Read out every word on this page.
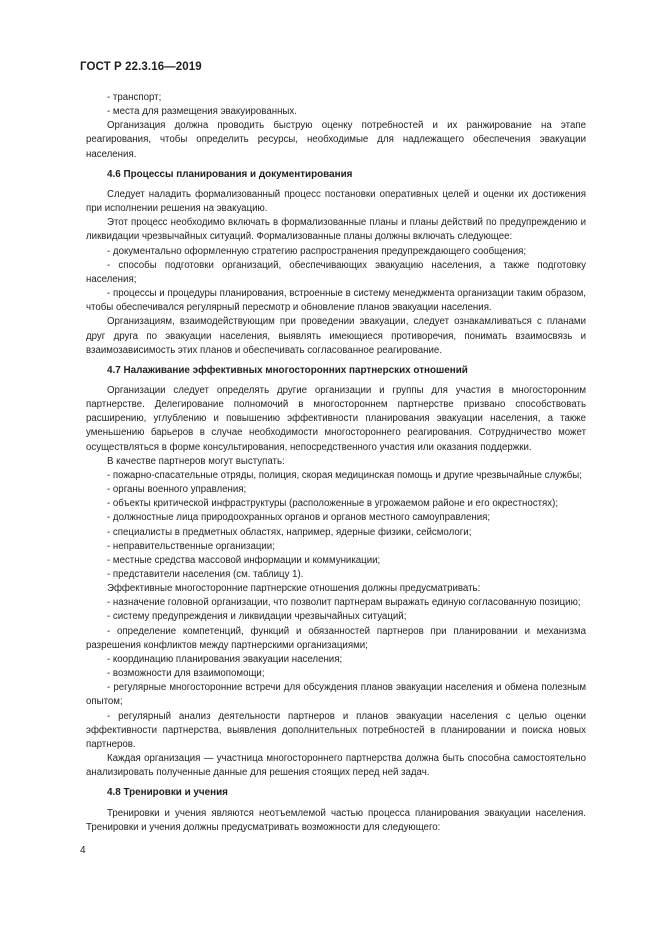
ГОСТ Р 22.3.16—2019

- транспорт;

- места для размещения эвакуированных.

Организация должна проводить быструю оценку потребностей и их ранжирование на этапе реагирования, чтобы определить ресурсы, необходимые для надлежащего обеспечения эвакуации населения.

4.6 Процессы планирования и документирования

Следует наладить формализованный процесс постановки оперативных целей и оценки их достижения при исполнении решения на эвакуацию.

Этот процесс необходимо включать в формализованные планы и планы действий по предупреждению и ликвидации чрезвычайных ситуаций. Формализованные планы должны включать следующее:

- документально оформленную стратегию распространения предупреждающего сообщения;

- способы подготовки организаций, обеспечивающих эвакуацию населения, а также подготовку населения;

- процессы и процедуры планирования, встроенные в систему менеджмента организации таким образом, чтобы обеспечивался регулярный пересмотр и обновление планов эвакуации населения.

Организациям, взаимодействующим при проведении эвакуации, следует ознакамливаться с планами друг друга по эвакуации населения, выявлять имеющиеся противоречия, понимать взаимосвязь и взаимозависимость этих планов и обеспечивать согласованное реагирование.

4.7 Налаживание эффективных многосторонних партнерских отношений

Организации следует определять другие организации и группы для участия в многосторонним партнерстве. Делегирование полномочий в многостороннем партнерстве призвано способствовать расширению, углублению и повышению эффективности планирования эвакуации населения, а также уменьшению барьеров в случае необходимости многостороннего реагирования. Сотрудничество может осуществляться в форме консультирования, непосредственного участия или оказания поддержки.

В качестве партнеров могут выступать:

- пожарно-спасательные отряды, полиция, скорая медицинская помощь и другие чрезвычайные службы;

- органы военного управления;

- объекты критической инфраструктуры (расположенные в угрожаемом районе и его окрестностях);

- должностные лица природоохранных органов и органов местного самоуправления;

- специалисты в предметных областях, например, ядерные физики, сейсмологи;

- неправительственные организации;

- местные средства массовой информации и коммуникации;

- представители населения (см. таблицу 1).

Эффективные многосторонние партнерские отношения должны предусматривать:

- назначение головной организации, что позволит партнерам выражать единую согласованную позицию;

- систему предупреждения и ликвидации чрезвычайных ситуаций;

- определение компетенций, функций и обязанностей партнеров при планировании и механизма разрешения конфликтов между партнерскими организациями;

- координацию планирования эвакуации населения;

- возможности для взаимопомощи;

- регулярные многосторонние встречи для обсуждения планов эвакуации населения и обмена полезным опытом;

- регулярный анализ деятельности партнеров и планов эвакуации населения с целью оценки эффективности партнерства, выявления дополнительных потребностей в планировании и поиска новых партнеров.

Каждая организация — участница многостороннего партнерства должна быть способна самостоятельно анализировать полученные данные для решения стоящих перед ней задач.

4.8 Тренировки и учения

Тренировки и учения являются неотъемлемой частью процесса планирования эвакуации населения. Тренировки и учения должны предусматривать возможности для следующего:

4
